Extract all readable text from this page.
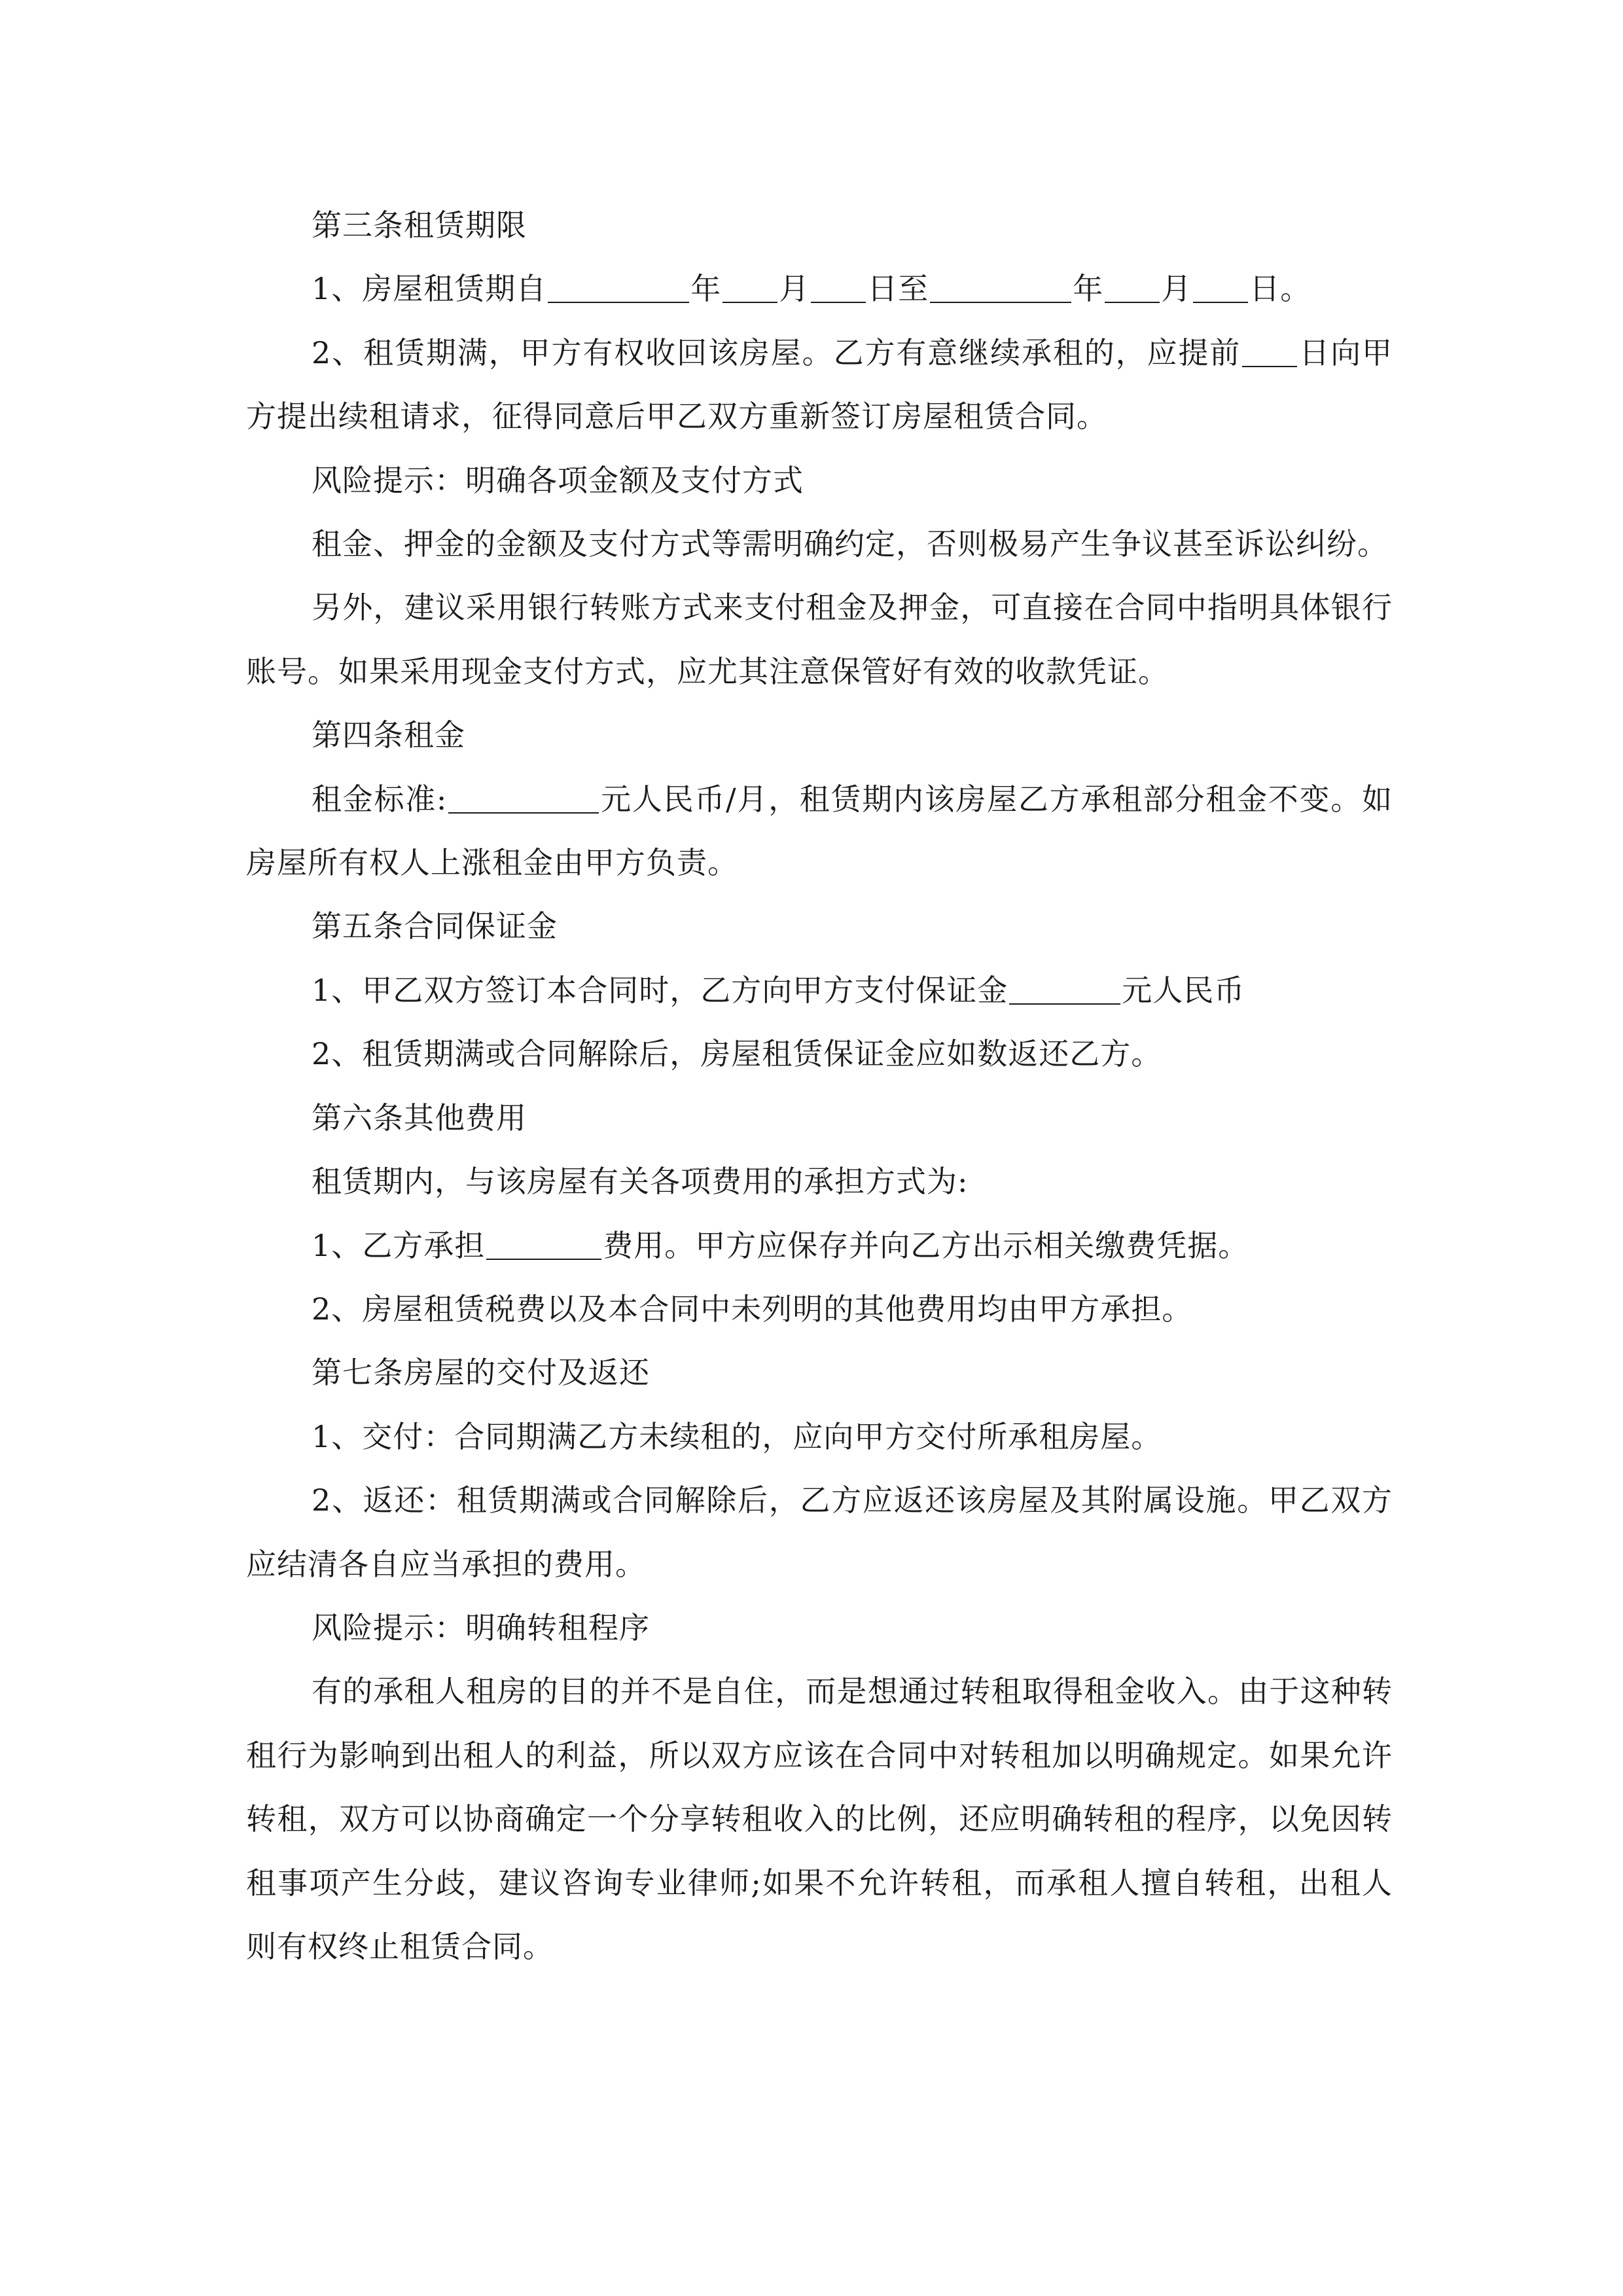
第三条租赁期限

1、房屋租赁期自	年 月 日至	年 月 日。

2、租赁期满，甲方有权收回该房屋。乙方有意继续承租的，应提前 日向甲方提出续租请求，征得同意后甲乙双方重新签订房屋租赁合同。

风险提示：明确各项金额及支付方式

租金、押金的金额及支付方式等需明确约定，否则极易产生争议甚至诉讼纠纷。

另外，建议采用银行转账方式来支付租金及押金，可直接在合同中指明具体银行账号。如果采用现金支付方式，应尤其注意保管好有效的收款凭证。

第四条租金

租金标准:	元人民币/月，租赁期内该房屋乙方承租部分租金不变。如房屋所有权人上涨租金由甲方负责。

第五条合同保证金

1、甲乙双方签订本合同时，乙方向甲方支付保证金	元人民币

2、租赁期满或合同解除后，房屋租赁保证金应如数返还乙方。

第六条其他费用

租赁期内，与该房屋有关各项费用的承担方式为:

1、乙方承担	费用。甲方应保存并向乙方出示相关缴费凭据。

2、房屋租赁税费以及本合同中未列明的其他费用均由甲方承担。

第七条房屋的交付及返还

1、交付：合同期满乙方未续租的，应向甲方交付所承租房屋。

2、返还：租赁期满或合同解除后，乙方应返还该房屋及其附属设施。甲乙双方应结清各自应当承担的费用。

风险提示：明确转租程序

有的承租人租房的目的并不是自住，而是想通过转租取得租金收入。由于这种转租行为影响到出租人的利益，所以双方应该在合同中对转租加以明确规定。如果允许转租，双方可以协商确定一个分享转租收入的比例，还应明确转租的程序，以免因转租事项产生分歧，建议咨询专业律师;如果不允许转租，而承租人擅自转租，出租人则有权终止租赁合同。
